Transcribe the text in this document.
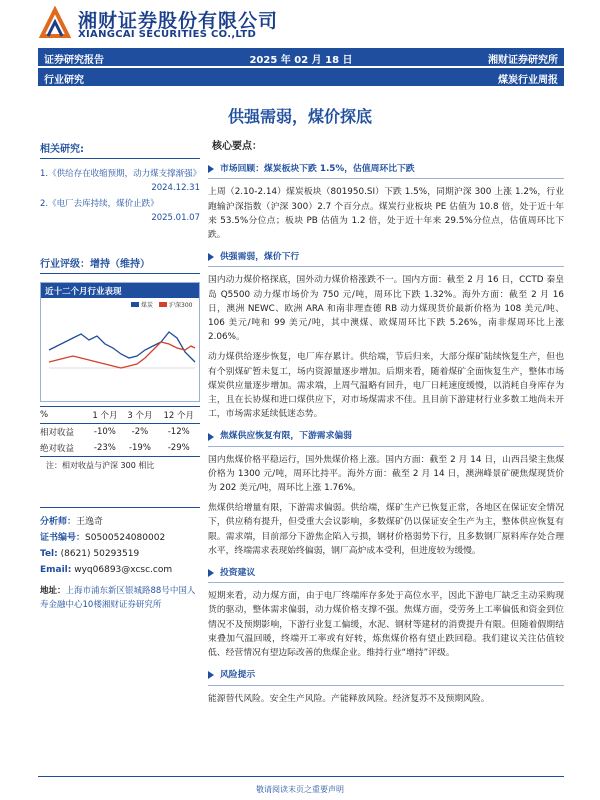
湘财证券股份有限公司
XIANGCAI SECURITIES CO.,LTD
证券研究报告	2025 年 02 月 18 日	湘财证券研究所
行业研究	煤炭行业周报
供强需弱，煤价探底
相关研究:
1.《供给存在收缩预期，动力煤支撑渐强》
2024.12.31
2.《电厂去库持续，煤价止跌》
2025.01.07
行业评级：增持（维持）
近十二个月行业表现
煤炭	沪深300
%	1 个月	3 个月	12 个月
相对收益	-10%	-2%	-12%
绝对收益	-23%	-19%	-29%
注：相对收益与沪深 300 相比
分析师：王逸奇
证书编号：S0500524080002
Tel: (8621) 50293519
Email: wyq06893@xcsc.com
地址：上海市浦东新区银城路88号中国人寿金融中心10楼湘财证券研究所
核心要点：
市场回顾：煤炭板块下跌 1.5%，估值周环比下跌
上周（2.10-2.14）煤炭板块（801950.SI）下跌 1.5%，同期沪深 300 上涨 1.2%，行业跑输沪深指数（沪深 300）2.7 个百分点。煤炭行业板块 PE 估值为 10.8 倍，处于近十年来 53.5%分位点；板块 PB 估值为 1.2 倍，处于近十年来 29.5%分位点，估值周环比下跌。
供强需弱，煤价下行
国内动力煤价格探底，国外动力煤价格涨跌不一。国内方面：截至 2 月 16 日，CCTD 秦皇岛 Q5500 动力煤市场价为 750 元/吨，周环比下跌 1.32%。海外方面：截至 2 月 16 日，澳洲 NEWC、欧洲 ARA 和南非理查德 RB 动力煤现货价最新价格为 108 美元/吨、106 美元/吨和 99 美元/吨，其中澳煤、欧煤周环比下跌 5.26%，南非煤周环比上涨 2.06%。
动力煤供给逐步恢复，电厂库存累计。供给端，节后归来，大部分煤矿陆续恢复生产，但也有个别煤矿暂未复工，场内资源量逐步增加。后期来看，随着煤矿全面恢复生产，整体市场煤炭供应量逐步增加。需求端，上周气温略有回升，电厂日耗速度缓慢，以消耗自身库存为主，且在长协煤和进口煤供应下，对市场煤需求不佳。且目前下游建材行业多数工地尚未开工，市场需求延续低迷态势。
焦煤供应恢复有限，下游需求偏弱
国内焦煤价格平稳运行，国外焦煤价格上涨。国内方面：截至 2 月 14 日，山西吕梁主焦煤价格为 1300 元/吨，周环比持平。海外方面：截至 2 月 14 日，澳洲峰景矿硬焦煤现货价为 202 美元/吨，周环比上涨 1.76%。
焦煤供给增量有限，下游需求偏弱。供给端，煤矿生产已恢复正常，各地区在保证安全情况下，供应稍有提升，但受重大会议影响，多数煤矿仍以保证安全生产为主，整体供应恢复有限。需求端，目前部分下游焦企陷入亏损，钢材价格弱势下行，且多数钢厂原料库存处合理水平，终端需求表现始终偏弱，钢厂高炉成本受利，但进度较为缓慢。
投资建议
短期来看，动力煤方面，由于电厂终端库存多处于高位水平，因此下游电厂缺乏主动采购现货的驱动，整体需求偏弱，动力煤价格支撑不强。焦煤方面，受劳务上工率偏低和资金到位情况不及预期影响，下游行业复工偏缓，水泥、钢材等建材的消费提升有限。但随着假期结束叠加气温回暖，终端开工率或有好转，炼焦煤价格有望止跌回稳。我们建议关注估值较低、经营情况有望边际改善的焦煤企业。维持行业“增持”评级。
风险提示
能源替代风险。安全生产风险。产能释放风险。经济复苏不及预期风险。
敬请阅读末页之重要声明
